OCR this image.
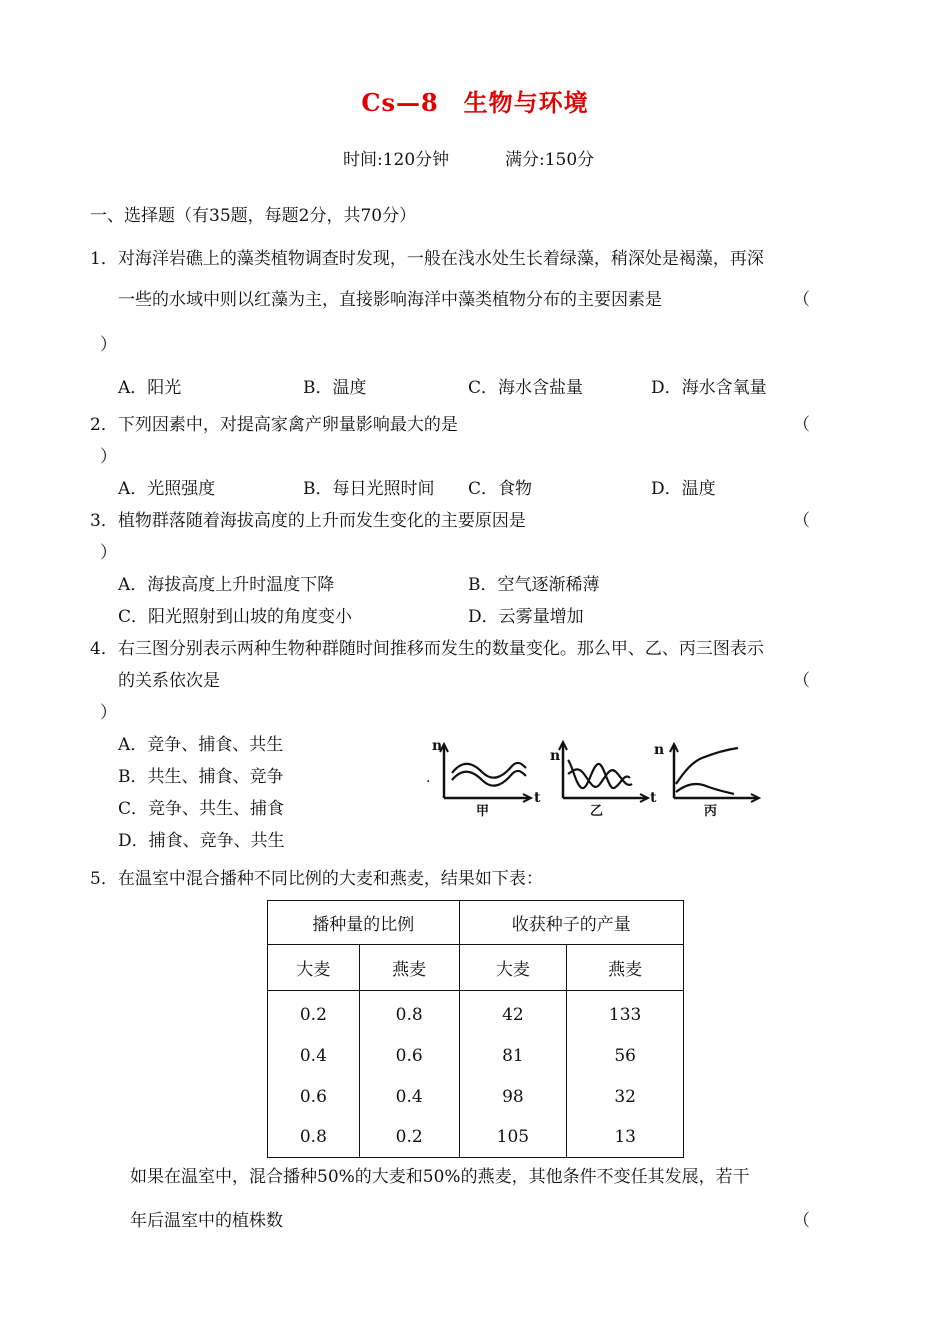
Cs—8　生物与环境
时间:120分钟	满分:150分
一、选择题（有35题，每题2分，共70分）
1．对海洋岩礁上的藻类植物调查时发现，一般在浅水处生长着绿藻，稍深处是褐藻，再深
一些的水域中则以红藻为主，直接影响海洋中藻类植物分布的主要因素是	（
）
A．阳光	B．温度	C．海水含盐量	D．海水含氧量
2．下列因素中，对提高家禽产卵量影响最大的是	（
）
A．光照强度	B．每日光照时间 C．食物	D．温度
3．植物群落随着海拔高度的上升而发生变化的主要原因是	（
）
A．海拔高度上升时温度下降	B．空气逐渐稀薄
C．阳光照射到山坡的角度变小	D．云雾量增加
4．右三图分别表示两种生物种群随时间推移而发生的数量变化。那么甲、乙、丙三图表示
的关系依次是	（
）
A．竞争、捕食、共生
B．共生、捕食、竞争
C．竞争、共生、捕食
D．捕食、竞争、共生
.
n
t
甲
n
t
乙
n
丙
5．在温室中混合播种不同比例的大麦和燕麦，结果如下表：
播种量的比例		收获种子的产量	
大麦	燕麦	大麦	燕麦
0.2	0.8	42	133
0.4	0.6	81	56
0.6	0.4	98	32
0.8	0.2	105	13
如果在温室中，混合播种50%的大麦和50%的燕麦，其他条件不变任其发展，若干
年后温室中的植株数	（
